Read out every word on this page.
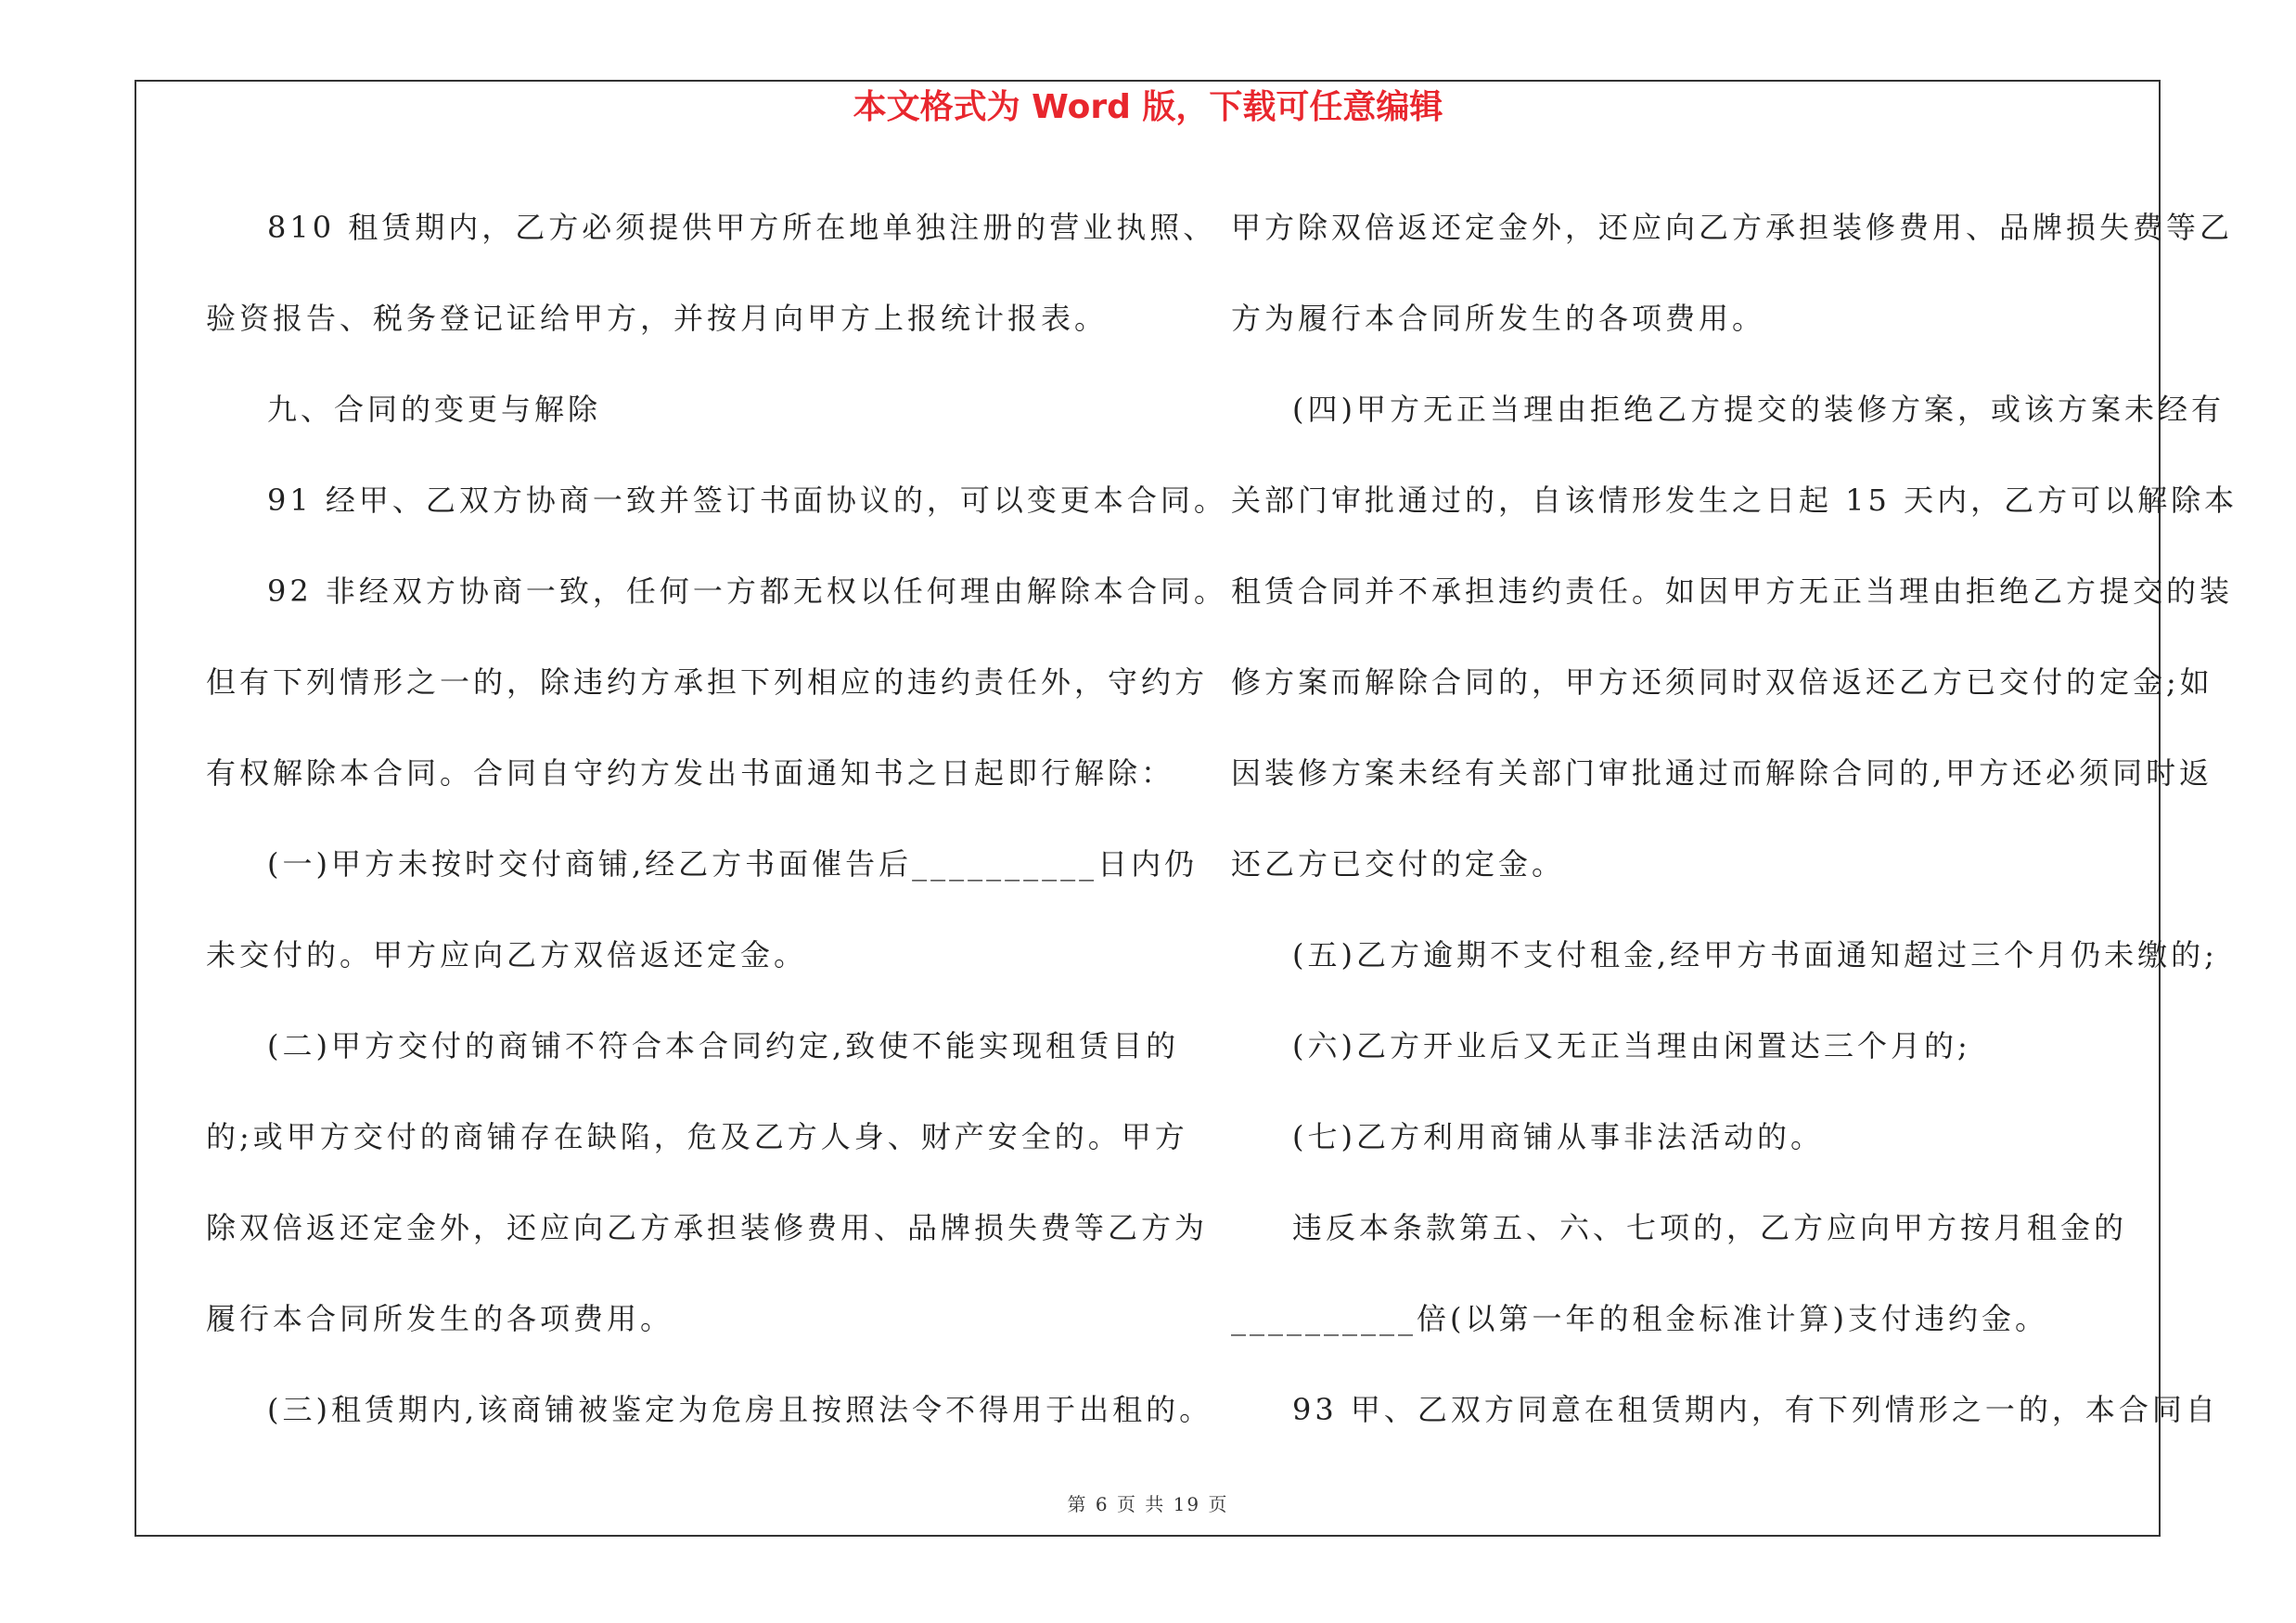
本文格式为 Word 版，下载可任意编辑
810 租赁期内，乙方必须提供甲方所在地单独注册的营业执照、
验资报告、税务登记证给甲方，并按月向甲方上报统计报表。
九、合同的变更与解除
91 经甲、乙双方协商一致并签订书面协议的，可以变更本合同。
92 非经双方协商一致，任何一方都无权以任何理由解除本合同。
但有下列情形之一的，除违约方承担下列相应的违约责任外，守约方
有权解除本合同。合同自守约方发出书面通知书之日起即行解除：
(一)甲方未按时交付商铺,经乙方书面催告后__________日内仍
未交付的。甲方应向乙方双倍返还定金。
(二)甲方交付的商铺不符合本合同约定,致使不能实现租赁目的
的;或甲方交付的商铺存在缺陷，危及乙方人身、财产安全的。甲方
除双倍返还定金外，还应向乙方承担装修费用、品牌损失费等乙方为
履行本合同所发生的各项费用。
(三)租赁期内,该商铺被鉴定为危房且按照法令不得用于出租的。
甲方除双倍返还定金外，还应向乙方承担装修费用、品牌损失费等乙
方为履行本合同所发生的各项费用。
(四)甲方无正当理由拒绝乙方提交的装修方案，或该方案未经有
关部门审批通过的，自该情形发生之日起 15 天内，乙方可以解除本
租赁合同并不承担违约责任。如因甲方无正当理由拒绝乙方提交的装
修方案而解除合同的，甲方还须同时双倍返还乙方已交付的定金;如
因装修方案未经有关部门审批通过而解除合同的,甲方还必须同时返
还乙方已交付的定金。
(五)乙方逾期不支付租金,经甲方书面通知超过三个月仍未缴的;
(六)乙方开业后又无正当理由闲置达三个月的;
(七)乙方利用商铺从事非法活动的。
违反本条款第五、六、七项的，乙方应向甲方按月租金的
__________倍(以第一年的租金标准计算)支付违约金。
93 甲、乙双方同意在租赁期内，有下列情形之一的，本合同自
第 6 页 共 19 页
